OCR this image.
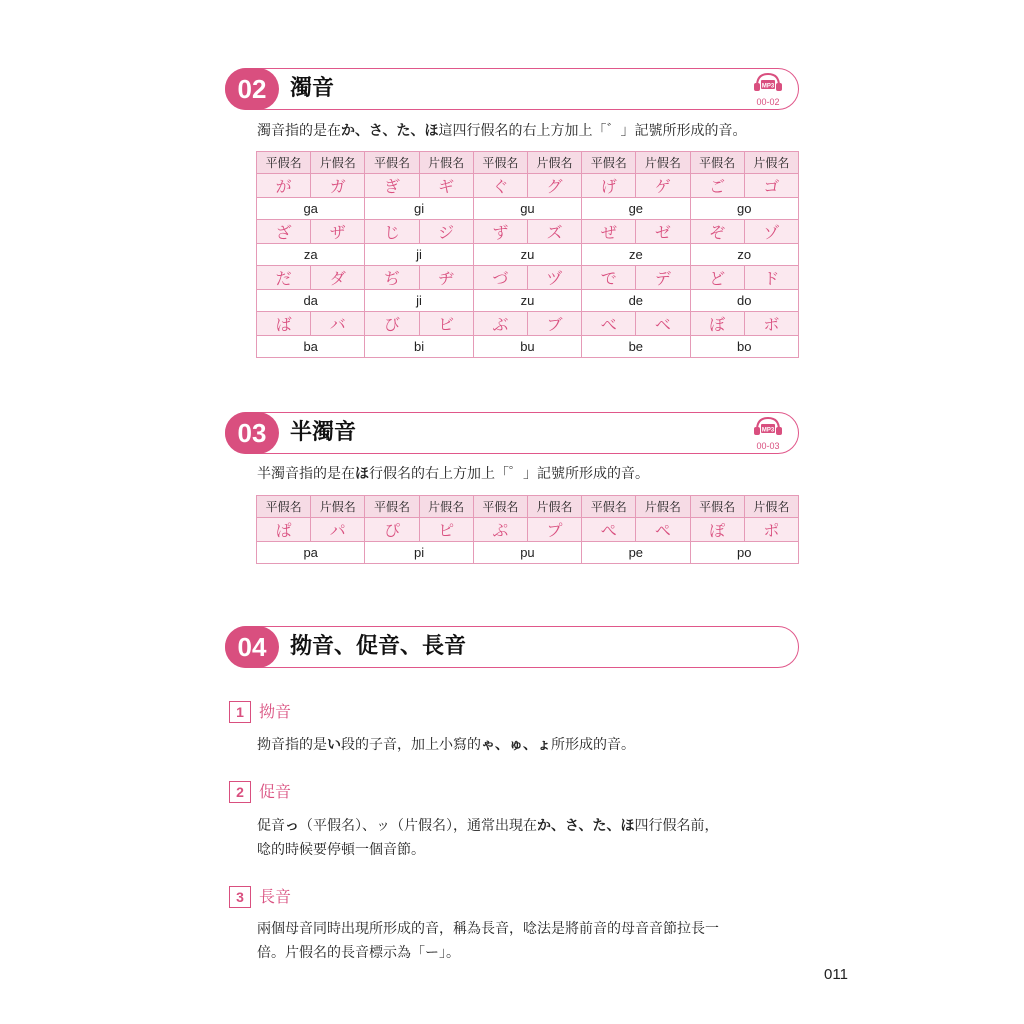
02	濁音	MP3
00-02
濁音指的是在か、さ、た、ほ這四行假名的右上方加上「゛」記號所形成的音。
平假名	片假名	平假名	片假名	平假名	片假名	平假名	片假名	平假名	片假名
が	ガ	ぎ	ギ	ぐ	グ	げ	ゲ	ご	ゴ
ga		gi		gu		ge		go	
ざ	ザ	じ	ジ	ず	ズ	ぜ	ゼ	ぞ	ゾ
za		ji		zu		ze		zo	
だ	ダ	ぢ	ヂ	づ	ヅ	で	デ	ど	ド
da		ji		zu		de		do	
ば	バ	び	ビ	ぶ	ブ	べ	ベ	ぼ	ボ
ba		bi		bu		be		bo	
03	半濁音	MP3
00-03
半濁音指的是在ほ行假名的右上方加上「゜」記號所形成的音。
平假名	片假名	平假名	片假名	平假名	片假名	平假名	片假名	平假名	片假名
ぱ	パ	ぴ	ピ	ぷ	プ	ぺ	ペ	ぽ	ポ
pa		pi		pu		pe		po	
04	拗音、促音、長音
1 拗音
拗音指的是い段的子音，加上小寫的ゃ、ゅ、ょ所形成的音。
2 促音
促音っ（平假名）、ッ（片假名），通常出現在か、さ、た、ほ四行假名前，
唸的時候要停頓一個音節。
3 長音
兩個母音同時出現所形成的音，稱為長音，唸法是將前音的母音音節拉長一
倍。片假名的長音標示為「ー」。
011
